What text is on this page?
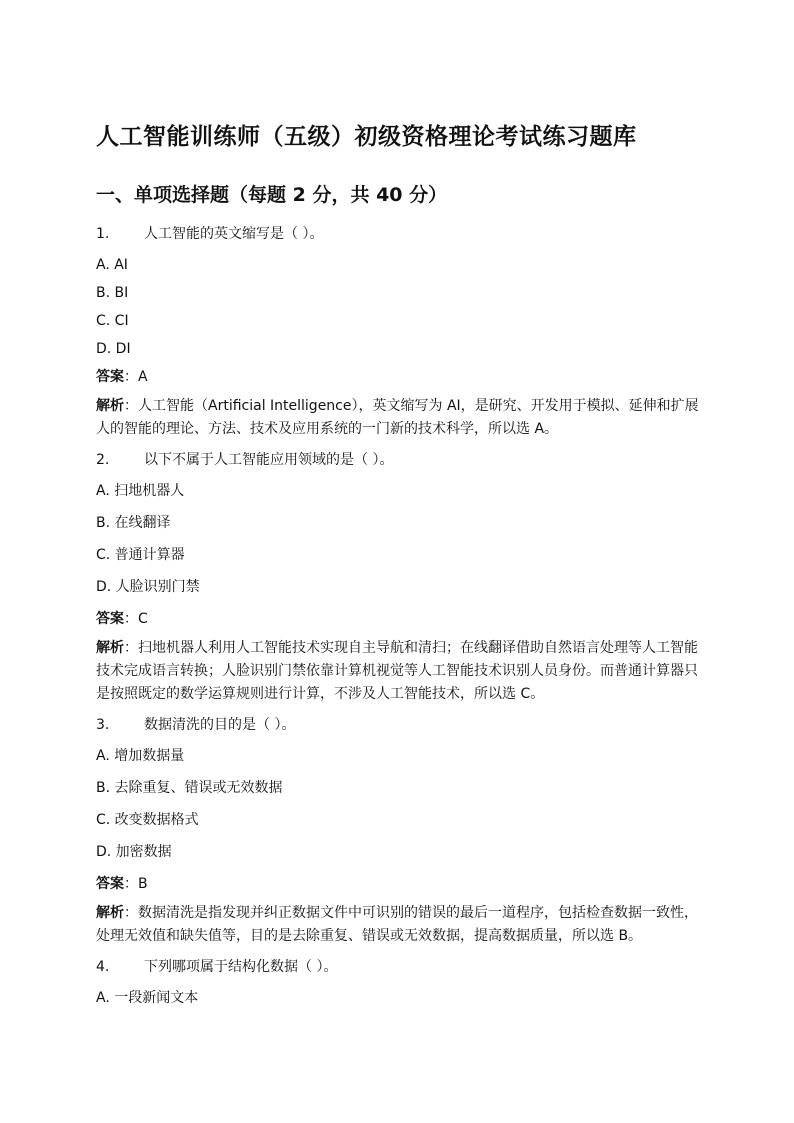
人工智能训练师（五级）初级资格理论考试练习题库
一、单项选择题（每题 2 分，共 40 分）
1. 人工智能的英文缩写是（ ）。
A. AI
B. BI
C. CI
D. DI
答案：A
解析：人工智能（Artificial Intelligence），英文缩写为 AI，是研究、开发用于模拟、延伸和扩展人的智能的理论、方法、技术及应用系统的一门新的技术科学，所以选 A。
2. 以下不属于人工智能应用领域的是（ ）。
A. 扫地机器人
B. 在线翻译
C. 普通计算器
D. 人脸识别门禁
答案：C
解析：扫地机器人利用人工智能技术实现自主导航和清扫；在线翻译借助自然语言处理等人工智能技术完成语言转换；人脸识别门禁依靠计算机视觉等人工智能技术识别人员身份。而普通计算器只是按照既定的数学运算规则进行计算，不涉及人工智能技术，所以选 C。
3. 数据清洗的目的是（ ）。
A. 增加数据量
B. 去除重复、错误或无效数据
C. 改变数据格式
D. 加密数据
答案：B
解析：数据清洗是指发现并纠正数据文件中可识别的错误的最后一道程序，包括检查数据一致性，处理无效值和缺失值等，目的是去除重复、错误或无效数据，提高数据质量，所以选 B。
4. 下列哪项属于结构化数据（ ）。
A. 一段新闻文本
